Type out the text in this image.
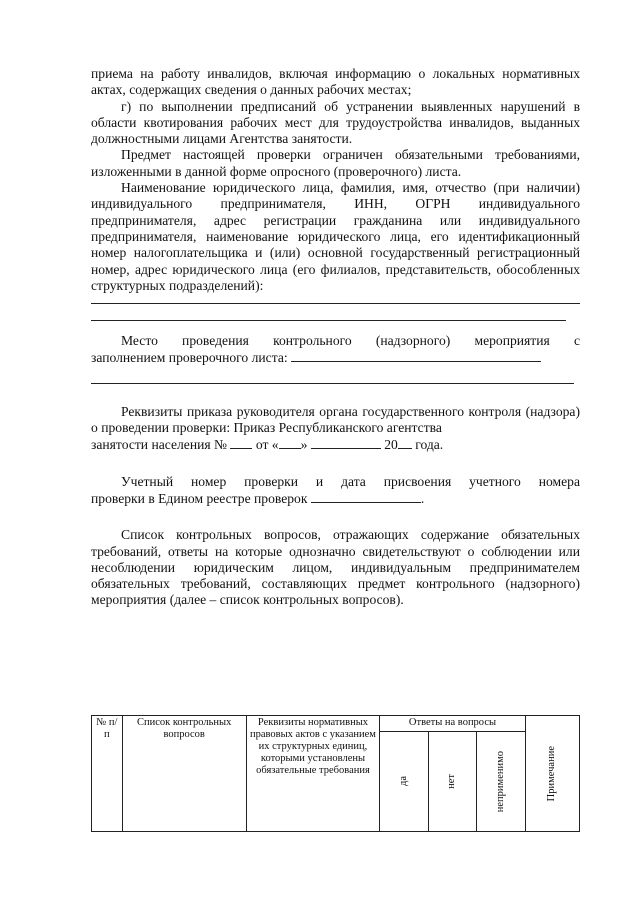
приема на работу инвалидов, включая информацию о локальных нормативных актах, содержащих сведения о данных рабочих местах;

г) по выполнении предписаний об устранении выявленных нарушений в области квотирования рабочих мест для трудоустройства инвалидов, выданных должностными лицами Агентства занятости.

Предмет настоящей проверки ограничен обязательными требованиями, изложенными в данной форме опросного (проверочного) листа.

Наименование юридического лица, фамилия, имя, отчество (при наличии) индивидуального предпринимателя, ИНН, ОГРН индивидуального предпринимателя, адрес регистрации гражданина или индивидуального предпринимателя, наименование юридического лица, его идентификационный номер налогоплательщика и (или) основной государственный регистрационный номер, адрес юридического лица (его филиалов, представительств, обособленных структурных подразделений):

Место проведения контрольного (надзорного) мероприятия с

заполнением проверочного листа:

Реквизиты приказа руководителя органа государственного контроля (надзора) о проведении проверки: Приказ Республиканского агентства

занятости населения № от « »	20 года.

Учетный номер проверки и дата присвоения учетного номера

проверки в Едином реестре проверок	.

Список контрольных вопросов, отражающих содержание обязательных требований, ответы на которые однозначно свидетельствуют о соблюдении или несоблюдении юридическим лицом, индивидуальным предпринимателем обязательных требований, составляющих предмет контрольного (надзорного) мероприятия (далее – список контрольных вопросов).

№ п/п	Список контрольных вопросов	Реквизиты нормативных правовых актов с указанием их структурных единиц, которыми установлены обязательные требования	Ответы на вопросы			Примечание

			да	нет	неприменимо	
